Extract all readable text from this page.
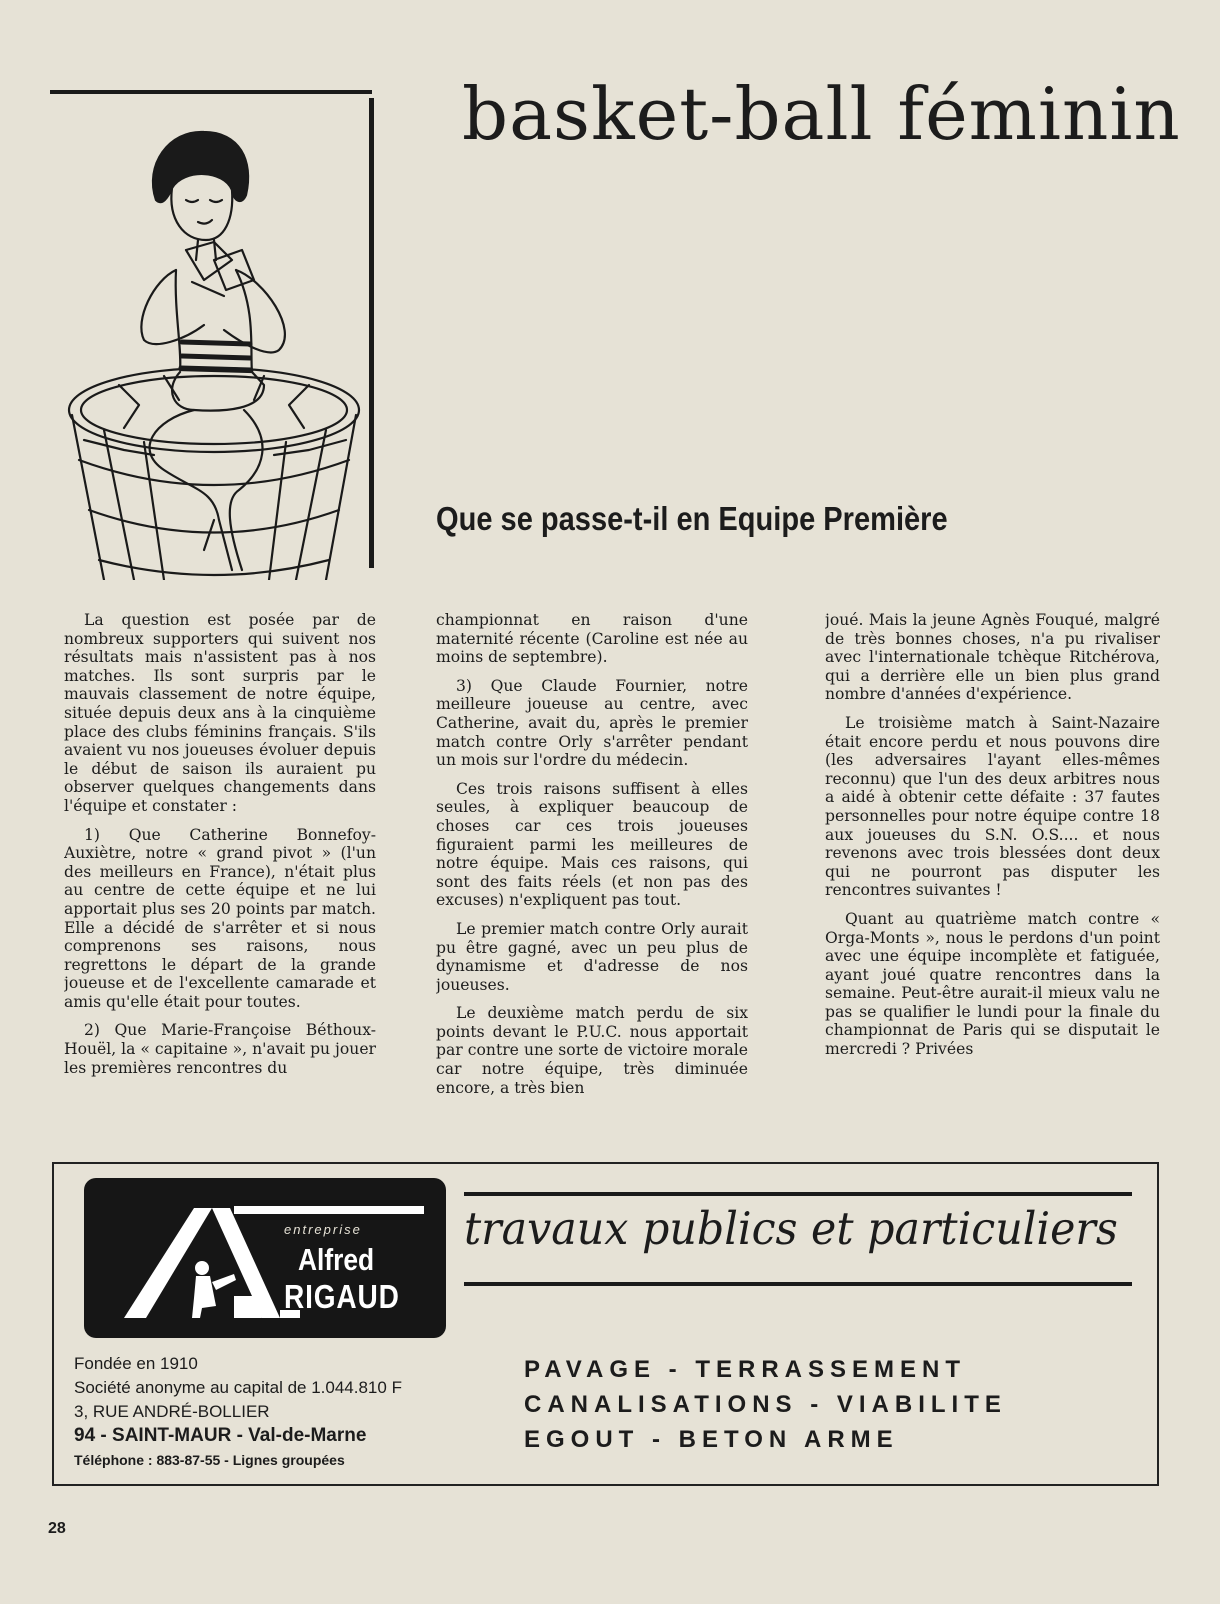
basket-ball féminin
Que se passe-t-il en Equipe Première

La question est posée par de nombreux supporters qui suivent nos résultats mais n'assistent pas à nos matches. Ils sont surpris par le mauvais classement de notre équipe, située depuis deux ans à la cinquième place des clubs féminins français. S'ils avaient vu nos joueuses évoluer depuis le début de saison ils auraient pu observer quelques changements dans l'équipe et constater :

1) Que Catherine Bonnefoy-Auxiètre, notre « grand pivot » (l'un des meilleurs en France), n'était plus au centre de cette équipe et ne lui apportait plus ses 20 points par match. Elle a décidé de s'arrêter et si nous comprenons ses raisons, nous regrettons le départ de la grande joueuse et de l'excellente camarade et amis qu'elle était pour toutes.

2) Que Marie-Françoise Béthoux-Houël, la « capitaine », n'avait pu jouer les premières rencontres du

championnat en raison d'une maternité récente (Caroline est née au moins de septembre).

3) Que Claude Fournier, notre meilleure joueuse au centre, avec Catherine, avait du, après le premier match contre Orly s'arrêter pendant un mois sur l'ordre du médecin.

Ces trois raisons suffisent à elles seules, à expliquer beaucoup de choses car ces trois joueuses figuraient parmi les meilleures de notre équipe. Mais ces raisons, qui sont des faits réels (et non pas des excuses) n'expliquent pas tout.

Le premier match contre Orly aurait pu être gagné, avec un peu plus de dynamisme et d'adresse de nos joueuses.

Le deuxième match perdu de six points devant le P.U.C. nous apportait par contre une sorte de victoire morale car notre équipe, très diminuée encore, a très bien

joué. Mais la jeune Agnès Fouqué, malgré de très bonnes choses, n'a pu rivaliser avec l'internationale tchèque Ritchérova, qui a derrière elle un bien plus grand nombre d'années d'expérience.

Le troisième match à Saint-Nazaire était encore perdu et nous pouvons dire (les adversaires l'ayant elles-mêmes reconnu) que l'un des deux arbitres nous a aidé à obtenir cette défaite : 37 fautes personnelles pour notre équipe contre 18 aux joueuses du S.N. O.S.... et nous revenons avec trois blessées dont deux qui ne pourront pas disputer les rencontres suivantes !

Quant au quatrième match contre « Orga-Monts », nous le perdons d'un point avec une équipe incomplète et fatiguée, ayant joué quatre rencontres dans la semaine. Peut-être aurait-il mieux valu ne pas se qualifier le lundi pour la finale du championnat de Paris qui se disputait le mercredi ? Privées

entreprise
Alfred
RIGAUD
travaux publics et particuliers
Fondée en 1910
Société anonyme au capital de 1.044.810 F
3, RUE ANDRÉ-BOLLIER
94 - SAINT-MAUR - Val-de-Marne
Téléphone : 883-87-55 - Lignes groupées
PAVAGE - TERRASSEMENT
CANALISATIONS - VIABILITE
EGOUT - BETON ARME
28
